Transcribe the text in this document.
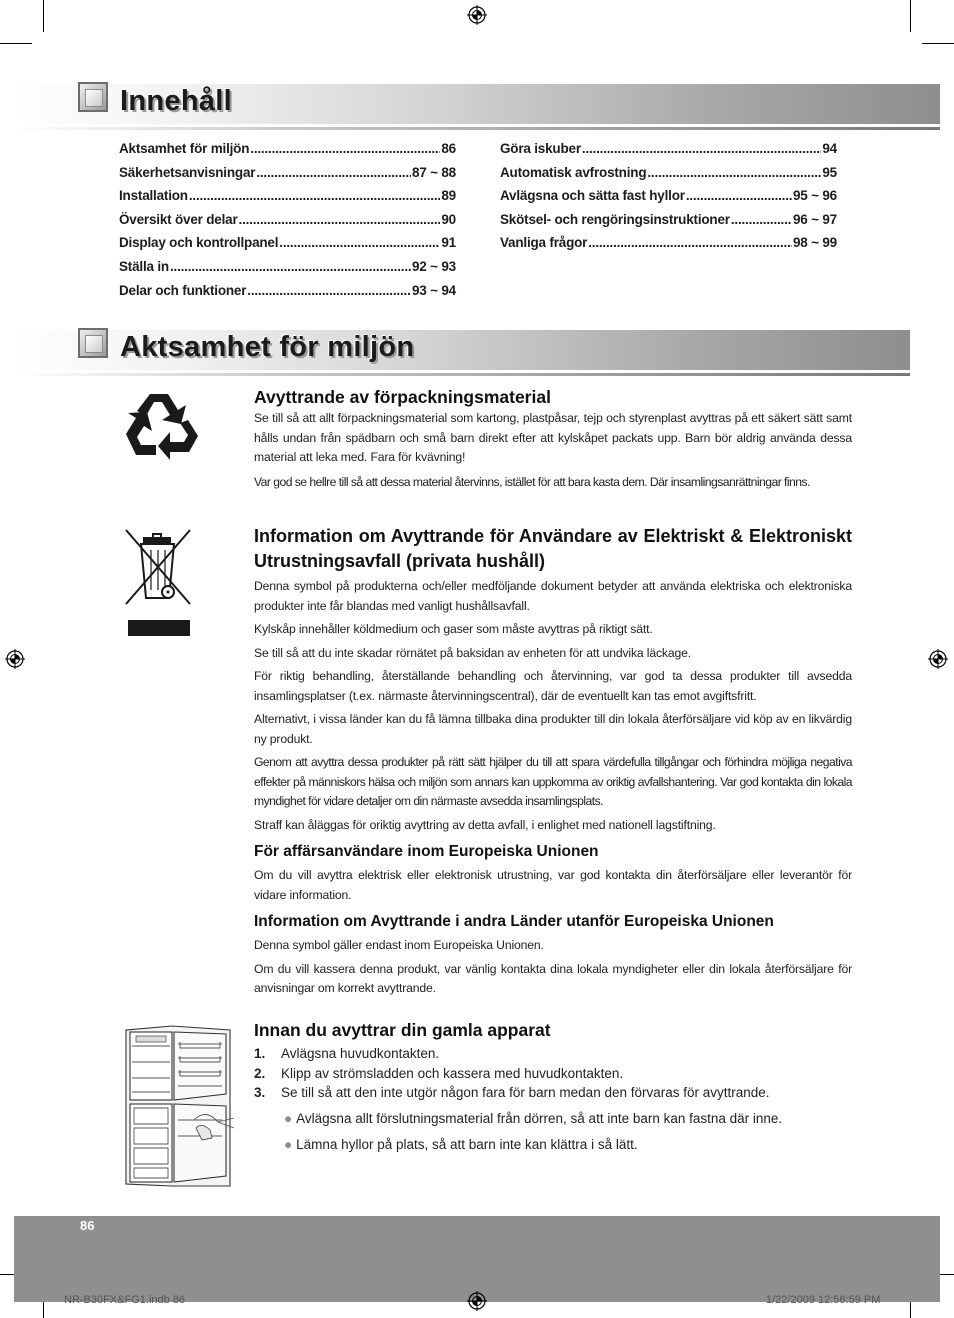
Innehåll
Aktsamhet för miljön .....	86
Säkerhetsanvisningar .....	87 ~ 88
Installation .....	89
Översikt över delar .....	90
Display och kontrollpanel .....	91
Ställa in .....	92 ~ 93
Delar och funktioner .....	93 ~ 94
Göra iskuber .....	94
Automatisk avfrostning .....	95
Avlägsna och sätta fast hyllor .....	95 ~ 96
Skötsel- och rengöringsinstruktioner .....	96 ~ 97
Vanliga frågor .....	98 ~ 99
Aktsamhet för miljön

Avyttrande av förpackningsmaterial

Se till så att allt förpackningsmaterial som kartong, plastpåsar, tejp och styrenplast avyttras på ett säkert sätt samt hålls undan från spädbarn och små barn direkt efter att kylskåpet packats upp. Barn bör aldrig använda dessa material att leka med. Fara för kvävning!

Var god se hellre till så att dessa material återvinns, istället för att bara kasta dem. Där insamlingsanrättningar finns.

Information om Avyttrande för Användare av Elektriskt & Elektroniskt Utrustningsavfall (privata hushåll)

Denna symbol på produkterna och/eller medföljande dokument betyder att använda elektriska och elektroniska produkter inte får blandas med vanligt hushållsavfall.

Kylskåp innehåller köldmedium och gaser som måste avyttras på riktigt sätt.

Se till så att du inte skadar rörnätet på baksidan av enheten för att undvika läckage.

För riktig behandling, återställande behandling och återvinning, var god ta dessa produkter till avsedda insamlingsplatser (t.ex. närmaste återvinningscentral), där de eventuellt kan tas emot avgiftsfritt.

Alternativt, i vissa länder kan du få lämna tillbaka dina produkter till din lokala återförsäljare vid köp av en likvärdig ny produkt.

Genom att avyttra dessa produkter på rätt sätt hjälper du till att spara värdefulla tillgångar och förhindra möjliga negativa effekter på människors hälsa och miljön som annars kan uppkomma av oriktig avfallshantering. Var god kontakta din lokala myndighet för vidare detaljer om din närmaste avsedda insamlingsplats.

Straff kan åläggas för oriktig avyttring av detta avfall, i enlighet med nationell lagstiftning.

För affärsanvändare inom Europeiska Unionen

Om du vill avyttra elektrisk eller elektronisk utrustning, var god kontakta din återförsäljare eller leverantör för vidare information.

Information om Avyttrande i andra Länder utanför Europeiska Unionen

Denna symbol gäller endast inom Europeiska Unionen.

Om du vill kassera denna produkt, var vänlig kontakta dina lokala myndigheter eller din lokala återförsäljare för anvisningar om korrekt avyttrande.

Innan du avyttrar din gamla apparat

1. Avlägsna huvudkontakten.
2. Klipp av strömsladden och kassera med huvudkontakten.
3. Se till så att den inte utgör någon fara för barn medan den förvaras för avyttrande.
● Avlägsna allt förslutningsmaterial från dörren, så att inte barn kan fastna där inne.
● Lämna hyllor på plats, så att barn inte kan klättra i så lätt.
86
NR-B30FX&FG1.indb 86	1/22/2009 12:56:59 PM
